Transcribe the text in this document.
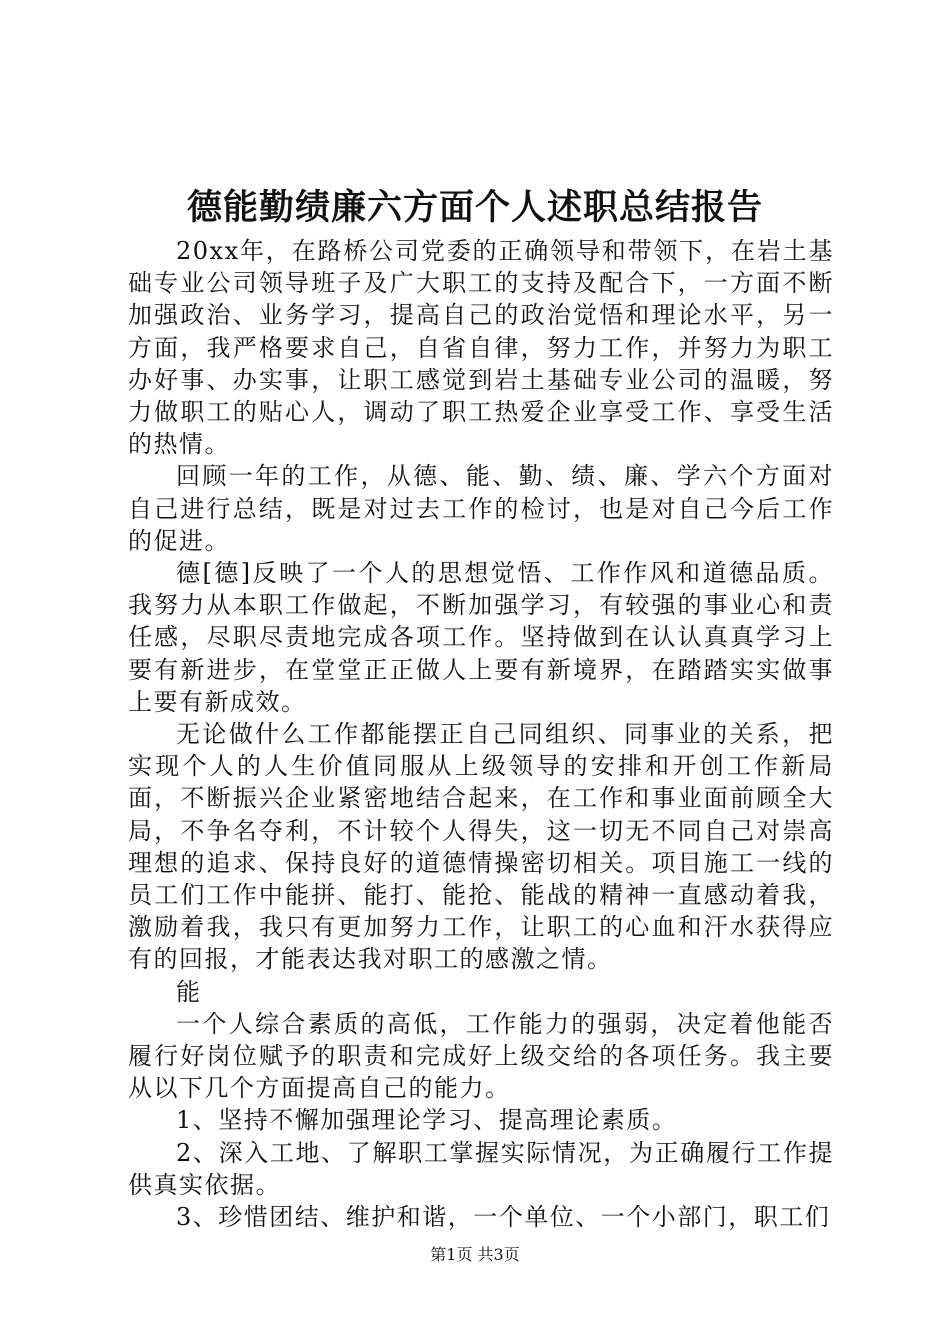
德能勤绩廉六方面个人述职总结报告

20xx年，在路桥公司党委的正确领导和带领下，在岩土基础专业公司领导班子及广大职工的支持及配合下，一方面不断加强政治、业务学习，提高自己的政治觉悟和理论水平，另一方面，我严格要求自己，自省自律，努力工作，并努力为职工办好事、办实事，让职工感觉到岩土基础专业公司的温暖，努力做职工的贴心人，调动了职工热爱企业享受工作、享受生活的热情。

回顾一年的工作，从德、能、勤、绩、廉、学六个方面对自己进行总结，既是对过去工作的检讨，也是对自己今后工作的促进。

德[德]反映了一个人的思想觉悟、工作作风和道德品质。我努力从本职工作做起，不断加强学习，有较强的事业心和责任感，尽职尽责地完成各项工作。坚持做到在认认真真学习上要有新进步，在堂堂正正做人上要有新境界，在踏踏实实做事上要有新成效。

无论做什么工作都能摆正自己同组织、同事业的关系，把实现个人的人生价值同服从上级领导的安排和开创工作新局面，不断振兴企业紧密地结合起来，在工作和事业面前顾全大局，不争名夺利，不计较个人得失，这一切无不同自己对崇高理想的追求、保持良好的道德情操密切相关。项目施工一线的员工们工作中能拼、能打、能抢、能战的精神一直感动着我，激励着我，我只有更加努力工作，让职工的心血和汗水获得应有的回报，才能表达我对职工的感激之情。

能

一个人综合素质的高低，工作能力的强弱，决定着他能否履行好岗位赋予的职责和完成好上级交给的各项任务。我主要从以下几个方面提高自己的能力。

1、坚持不懈加强理论学习、提高理论素质。

2、深入工地、了解职工掌握实际情况，为正确履行工作提供真实依据。

3、珍惜团结、维护和谐，一个单位、一个小部门，职工们

第1页 共3页
